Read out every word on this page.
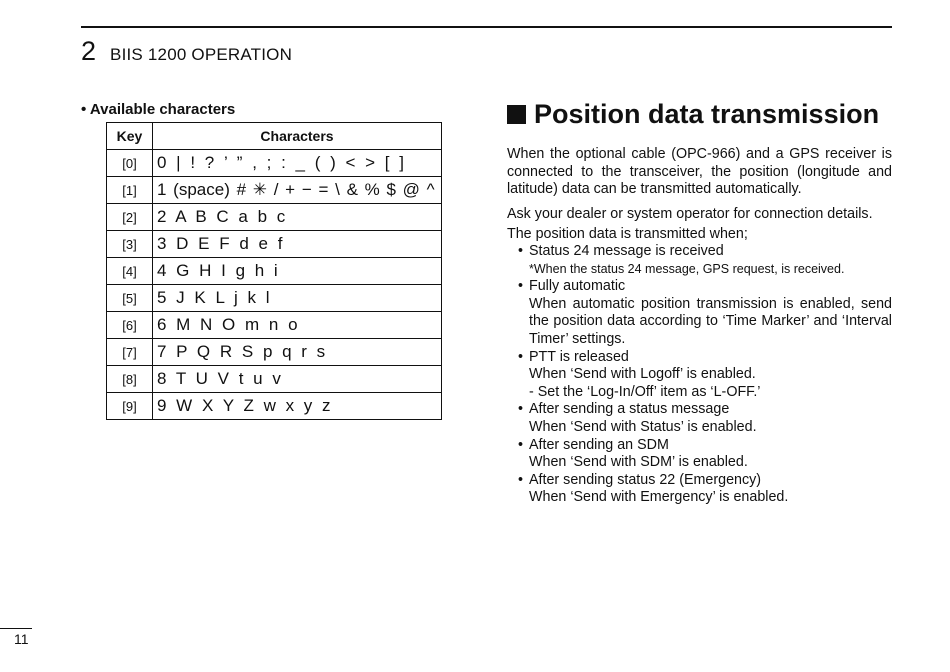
2 BIIS 1200 OPERATION
• Available characters
Key	Characters
[0]	0 | ! ? ’ ” , ; : _ ( ) < > [ ]
[1]	1 (space) # ✳ / + − = \ & % $ @ ^
[2]	2 A B C a b c
[3]	3 D E F d e f
[4]	4 G H I g h i
[5]	5 J K L j k l
[6]	6 M N O m n o
[7]	7 P Q R S p q r s
[8]	8 T U V t u v
[9]	9 W X Y Z w x y z
Position data transmission
When the optional cable (OPC-966) and a GPS receiver is connected to the transceiver, the position (longitude and latitude) data can be transmitted automatically.
Ask your dealer or system operator for connection details.
The position data is transmitted when;
• Status 24 message is received
*When the status 24 message, GPS request, is received.
• Fully automatic
When automatic position transmission is enabled, send the position data according to ‘Time Marker’ and ‘Interval Timer’ settings.
• PTT is released
When ‘Send with Logoff’ is enabled.
- Set the ‘Log-In/Off’ item as ‘L-OFF.’
• After sending a status message
When ‘Send with Status’ is enabled.
• After sending an SDM
When ‘Send with SDM’ is enabled.
• After sending status 22 (Emergency)
When ‘Send with Emergency’ is enabled.
11
